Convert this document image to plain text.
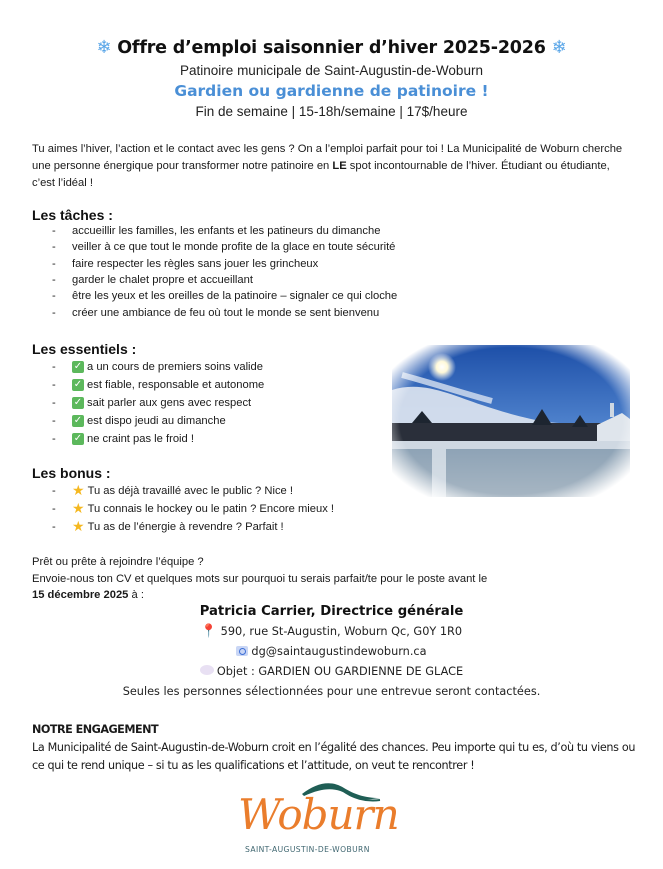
❄ Offre d’emploi saisonnier d’hiver 2025-2026 ❄
Patinoire municipale de Saint-Augustin-de-Woburn
Gardien ou gardienne de patinoire !
Fin de semaine | 15-18h/semaine | 17$/heure

Tu aimes l’hiver, l’action et le contact avec les gens ? On a l’emploi parfait pour toi ! La Municipalité de Woburn cherche une personne énergique pour transformer notre patinoire en LE spot incontournable de l’hiver. Étudiant ou étudiante, c’est l’idéal !

Les tâches :
-	accueillir les familles, les enfants et les patineurs du dimanche
-	veiller à ce que tout le monde profite de la glace en toute sécurité
-	faire respecter les règles sans jouer les grincheux
-	garder le chalet propre et accueillant
-	être les yeux et les oreilles de la patinoire – signaler ce qui cloche
-	créer une ambiance de feu où tout le monde se sent bienvenu
Les essentiels :
-	✓ a un cours de premiers soins valide
-	✓ est fiable, responsable et autonome
-	✓ sait parler aux gens avec respect
-	✓ est dispo jeudi au dimanche
-	✓ ne craint pas le froid !
Les bonus :
-	★ Tu as déjà travaillé avec le public ? Nice !
-	★ Tu connais le hockey ou le patin ? Encore mieux !
-	★ Tu as de l’énergie à revendre ? Parfait !
Prêt ou prête à rejoindre l’équipe ?
Envoie-nous ton CV et quelques mots sur pourquoi tu serais parfait/te pour le poste avant le
15 décembre 2025 à :
Patricia Carrier, Directrice générale
📍 590, rue St-Augustin, Woburn Qc, G0Y 1R0
dg@saintaugustindewoburn.ca
Objet : GARDIEN OU GARDIENNE DE GLACE
Seules les personnes sélectionnées pour une entrevue seront contactées.
NOTRE ENGAGEMENT
La Municipalité de Saint-Augustin-de-Woburn croit en l’égalité des chances. Peu importe qui tu es, d’où tu viens ou ce qui te rend unique – si tu as les qualifications et l’attitude, on veut te rencontrer !
Woburn
SAINT-AUGUSTIN-DE-WOBURN
